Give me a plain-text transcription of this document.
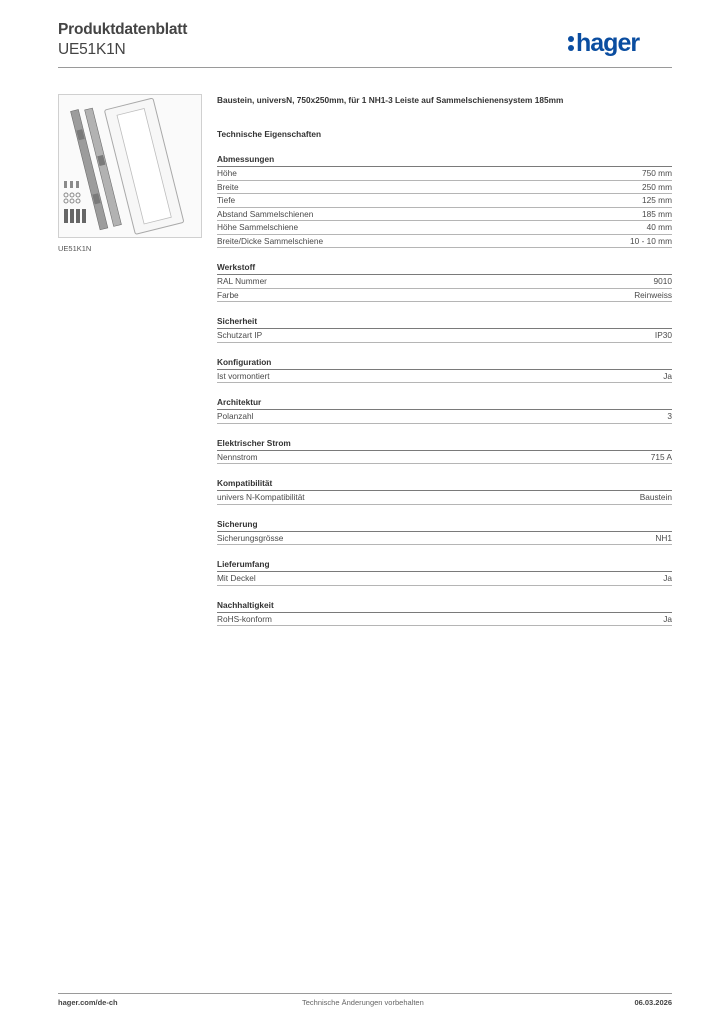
Produktdatenblatt
UE51K1N	hager
UE51K1N
Baustein, universN, 750x250mm, für 1 NH1-3 Leiste auf Sammelschienensystem 185mm
Technische Eigenschaften
Abmessungen
Höhe	750 mm
Breite	250 mm
Tiefe	125 mm
Abstand Sammelschienen	185 mm
Höhe Sammelschiene	40 mm
Breite/Dicke Sammelschiene	10 - 10 mm
Werkstoff
RAL Nummer	9010
Farbe	Reinweiss
Sicherheit
Schutzart IP	IP30
Konfiguration
Ist vormontiert	Ja
Architektur
Polanzahl	3
Elektrischer Strom
Nennstrom	715 A
Kompatibilität
univers N-Kompatibilität	Baustein
Sicherung
Sicherungsgrösse	NH1
Lieferumfang
Mit Deckel	Ja
Nachhaltigkeit
RoHS-konform	Ja
hager.com/de-ch	Technische Änderungen vorbehalten	06.03.2026
